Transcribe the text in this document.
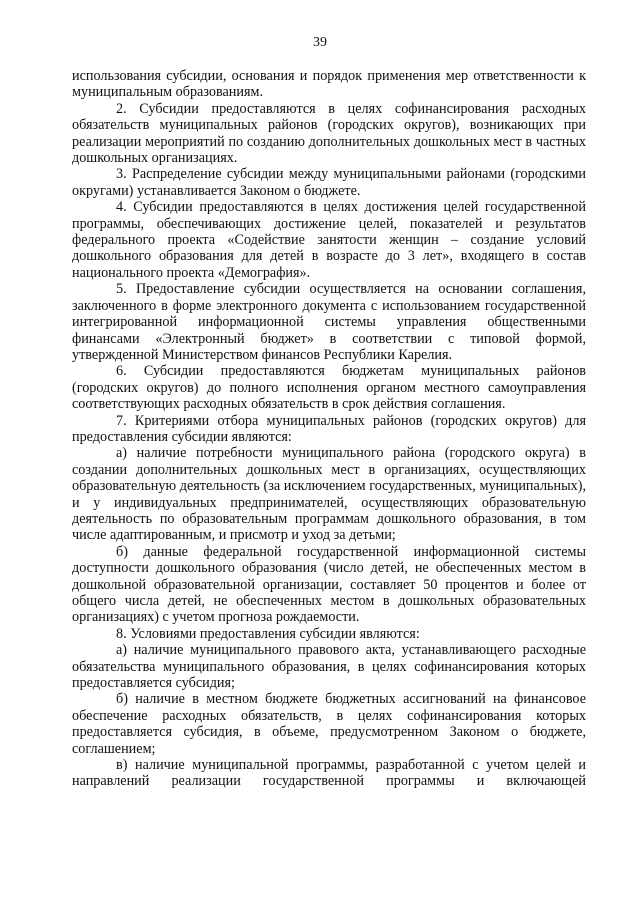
39

использования субсидии, основания и порядок применения мер ответственности к муниципальным образованиям.

2. Субсидии предоставляются в целях софинансирования расходных обязательств муниципальных районов (городских округов), возникающих при реализации мероприятий по созданию дополнительных дошкольных мест в частных дошкольных организациях.

3. Распределение субсидии между муниципальными районами (городскими округами) устанавливается Законом о бюджете.

4. Субсидии предоставляются в целях достижения целей государственной программы, обеспечивающих достижение целей, показателей и результатов федерального проекта «Содействие занятости женщин – создание условий дошкольного образования для детей в возрасте до 3 лет», входящего в состав национального проекта «Демография».

5. Предоставление субсидии осуществляется на основании соглашения, заключенного в форме электронного документа с использованием государственной интегрированной информационной системы управления общественными финансами «Электронный бюджет» в соответствии с типовой формой, утвержденной Министерством финансов Республики Карелия.

6. Субсидии предоставляются бюджетам муниципальных районов (городских округов) до полного исполнения органом местного самоуправления соответствующих расходных обязательств в срок действия соглашения.

7. Критериями отбора муниципальных районов (городских округов) для предоставления субсидии являются:

а) наличие потребности муниципального района (городского округа) в создании дополнительных дошкольных мест в организациях, осуществляющих образовательную деятельность (за исключением государственных, муниципальных), и у индивидуальных предпринимателей, осуществляющих образовательную деятельность по образовательным программам дошкольного образования, в том числе адаптированным, и присмотр и уход за детьми;

б) данные федеральной государственной информационной системы доступности дошкольного образования (число детей, не обеспеченных местом в дошкольной образовательной организации, составляет 50 процентов и более от общего числа детей, не обеспеченных местом в дошкольных образовательных организациях) с учетом прогноза рождаемости.

8. Условиями предоставления субсидии являются:

а) наличие муниципального правового акта, устанавливающего расходные обязательства муниципального образования, в целях софинансирования которых предоставляется субсидия;

б) наличие в местном бюджете бюджетных ассигнований на финансовое обеспечение расходных обязательств, в целях софинансирования которых предоставляется субсидия, в объеме, предусмотренном Законом о бюджете, соглашением;

в) наличие муниципальной программы, разработанной с учетом целей и направлений реализации государственной программы и включающей
